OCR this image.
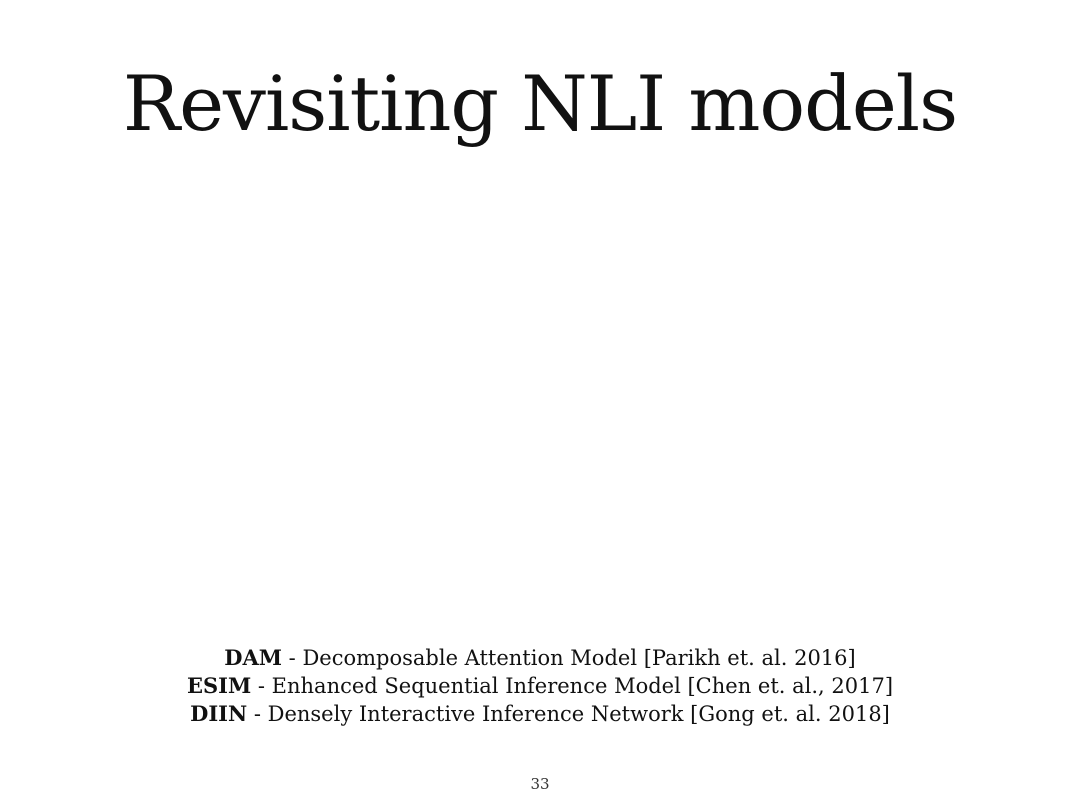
Revisiting NLI models
DAM - Decomposable Attention Model [Parikh et. al. 2016]
ESIM - Enhanced Sequential Inference Model [Chen et. al., 2017]
DIIN - Densely Interactive Inference Network [Gong et. al. 2018]
33
